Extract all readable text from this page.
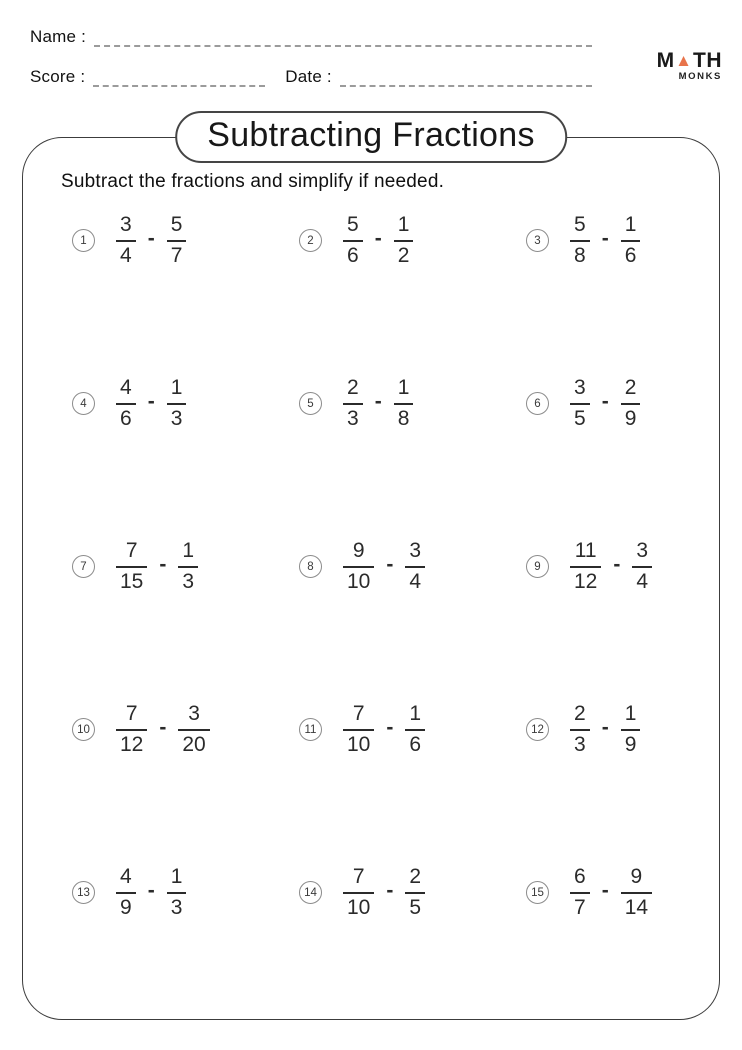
Name :
Score :	Date :
M ▲ TH
MONKS
Subtracting Fractions
Subtract the fractions and simplify if needed.
1	$\frac{3}{4} - \frac{5}{7}$	2	$\frac{5}{6} - \frac{1}{2}$	3	$\frac{5}{8} - \frac{1}{6}$
4	$\frac{4}{6} - \frac{1}{3}$	5	$\frac{2}{3} - \frac{1}{8}$	6	$\frac{3}{5} - \frac{2}{9}$
7	$\frac{7}{15} - \frac{1}{3}$	8	$\frac{9}{10} - \frac{3}{4}$	9	$\frac{11}{12} - \frac{3}{4}$
$10 \frac{7}{12} - \frac{3}{20}$	$11 \frac{7}{10} - \frac{1}{6}$	$12 \frac{2}{3} - \frac{1}{9}$
$13 \frac{4}{9} - \frac{1}{3}$	$14 \frac{7}{10} - \frac{2}{5}$	$15 \frac{6}{7} - \frac{9}{14}$
